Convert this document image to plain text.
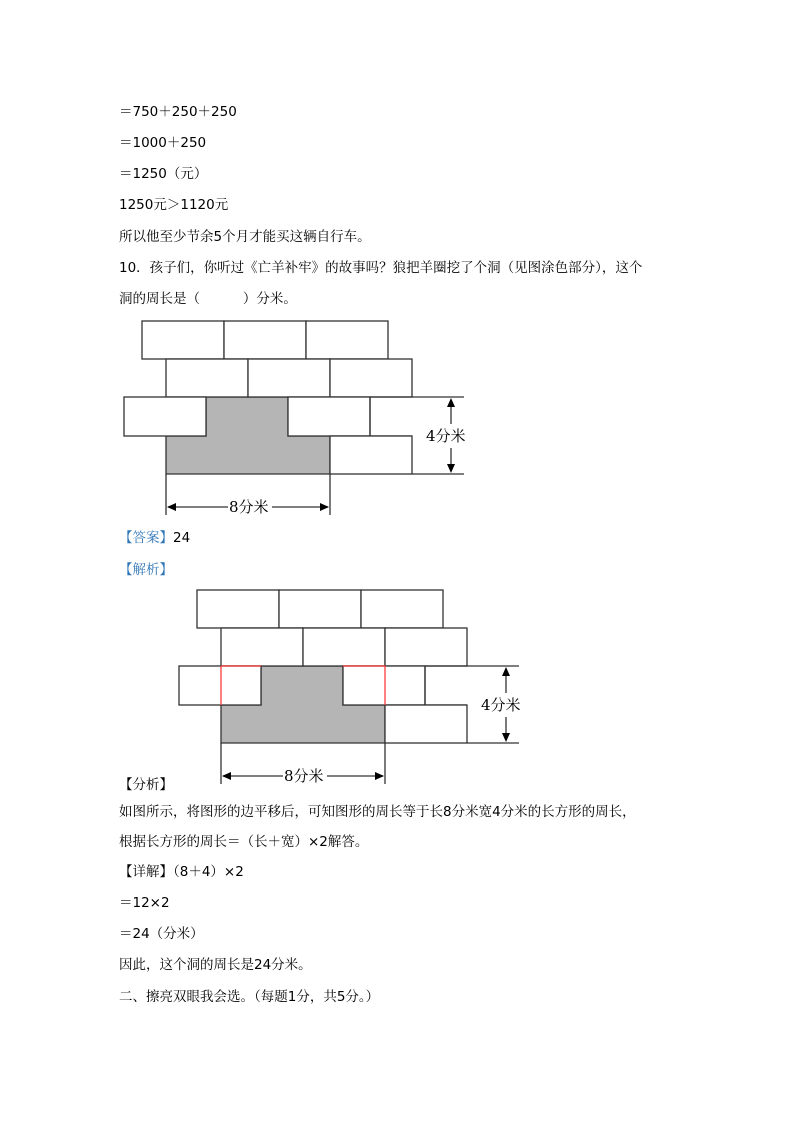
＝750＋250＋250
＝1000＋250
＝1250（元）
1250元＞1120元
所以他至少节余5个月才能买这辆自行车。
10．孩子们，你听过《亡羊补牢》的故事吗？狼把羊圈挖了个洞（见图涂色部分），这个
洞的周长是（          ）分米。
4分米
8分米
4分米
8分米
【答案】24
【解析】
【分析】
如图所示，将图形的边平移后，可知图形的周长等于长8分米宽4分米的长方形的周长，
根据长方形的周长＝（长＋宽）×2解答。
【详解】（8＋4）×2
＝12×2
＝24（分米）
因此，这个洞的周长是24分米。
二、擦亮双眼我会选。（每题1分，共5分。）
